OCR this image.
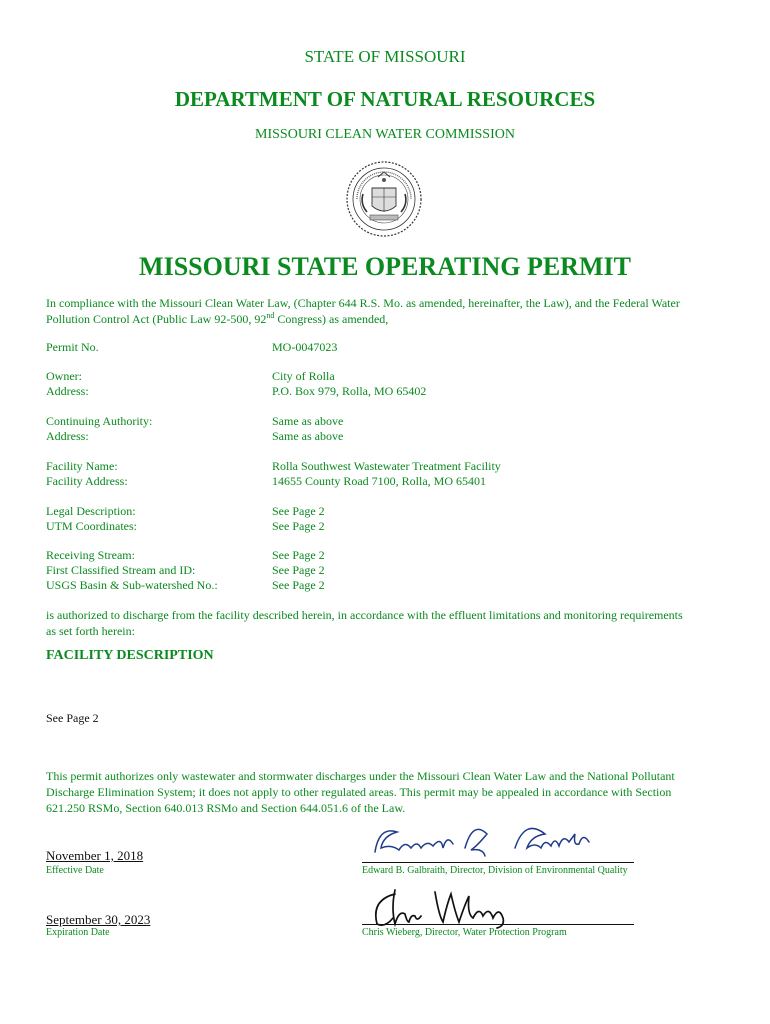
STATE OF MISSOURI
DEPARTMENT OF NATURAL RESOURCES
MISSOURI CLEAN WATER COMMISSION
MISSOURI STATE OPERATING PERMIT
In compliance with the Missouri Clean Water Law, (Chapter 644 R.S. Mo. as amended, hereinafter, the Law), and the Federal Water
Pollution Control Act (Public Law 92-500, 92nd Congress) as amended,
Permit No.	MO-0047023
Owner:	City of Rolla
Address:	P.O. Box 979, Rolla, MO 65402
Continuing Authority:	Same as above
Address:	Same as above
Facility Name:	Rolla Southwest Wastewater Treatment Facility
Facility Address:	14655 County Road 7100, Rolla, MO 65401
Legal Description:	See Page 2
UTM Coordinates:	See Page 2
Receiving Stream:	See Page 2
First Classified Stream and ID:	See Page 2
USGS Basin & Sub-watershed No.:	See Page 2
is authorized to discharge from the facility described herein, in accordance with the effluent limitations and monitoring requirements
as set forth herein:
FACILITY DESCRIPTION
See Page 2
This permit authorizes only wastewater and stormwater discharges under the Missouri Clean Water Law and the National Pollutant
Discharge Elimination System; it does not apply to other regulated areas. This permit may be appealed in accordance with Section
621.250 RSMo, Section 640.013 RSMo and Section 644.051.6 of the Law.
November 1, 2018
Effective Date	Edward B. Galbraith, Director, Division of Environmental Quality
September 30, 2023
Expiration Date	Chris Wieberg, Director, Water Protection Program
